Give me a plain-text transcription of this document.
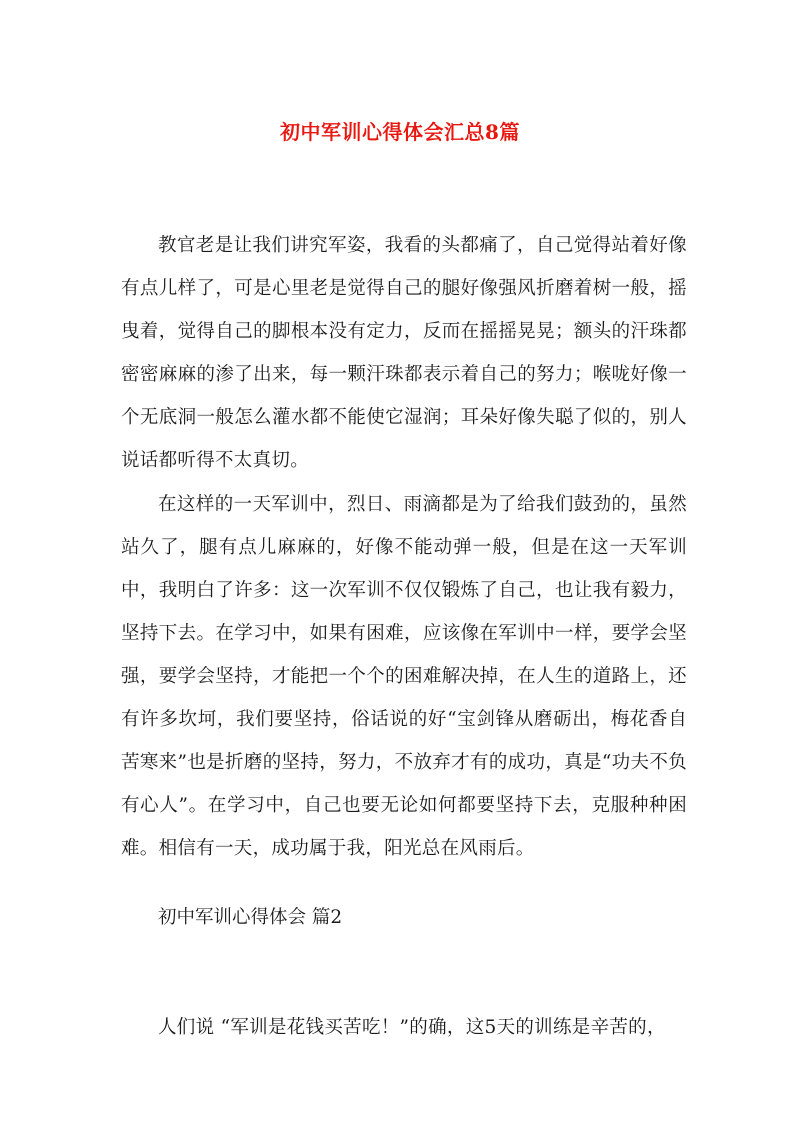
初中军训心得体会汇总8篇

教官老是让我们讲究军姿，我看的头都痛了，自己觉得站着好像有点儿样了，可是心里老是觉得自己的腿好像强风折磨着树一般，摇曳着，觉得自己的脚根本没有定力，反而在摇摇晃晃；额头的汗珠都密密麻麻的渗了出来，每一颗汗珠都表示着自己的努力；喉咙好像一个无底洞一般怎么灌水都不能使它湿润；耳朵好像失聪了似的，别人说话都听得不太真切。

在这样的一天军训中，烈日、雨滴都是为了给我们鼓劲的，虽然站久了，腿有点儿麻麻的，好像不能动弹一般，但是在这一天军训中，我明白了许多：这一次军训不仅仅锻炼了自己，也让我有毅力，坚持下去。在学习中，如果有困难，应该像在军训中一样，要学会坚强，要学会坚持，才能把一个个的困难解决掉，在人生的道路上，还有许多坎坷，我们要坚持，俗话说的好“宝剑锋从磨砺出，梅花香自苦寒来”也是折磨的坚持，努力，不放弃才有的成功，真是“功夫不负有心人”。在学习中，自己也要无论如何都要坚持下去，克服种种困难。相信有一天，成功属于我，阳光总在风雨后。

初中军训心得体会 篇2

人们说 “军训是花钱买苦吃！”的确，这5天的训练是辛苦的，
